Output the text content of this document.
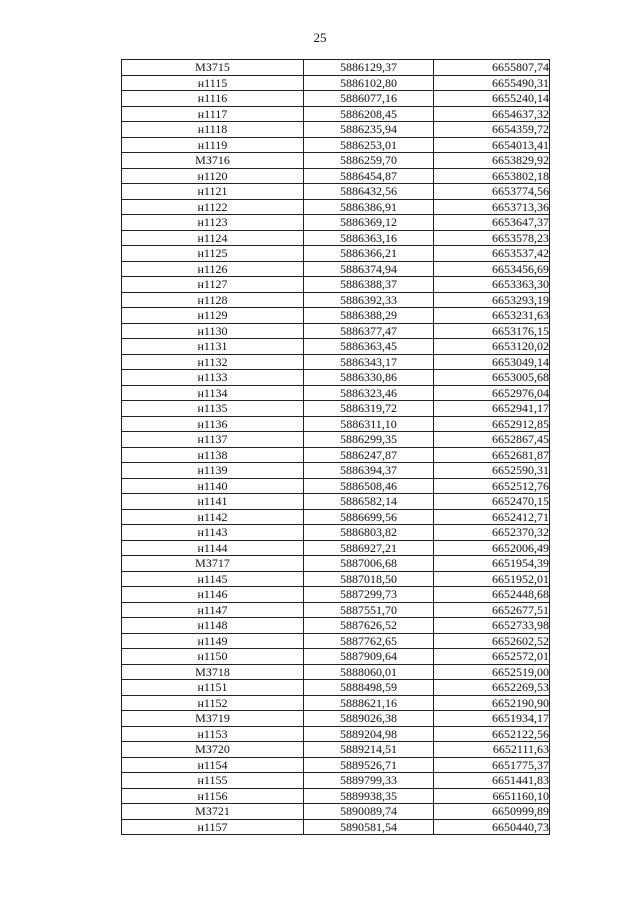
25
МЗ715	5886129,37	6655807,74
н1115	5886102,80	6655490,31
н1116	5886077,16	6655240,14
н1117	5886208,45	6654637,32
н1118	5886235,94	6654359,72
н1119	5886253,01	6654013,41
МЗ716	5886259,70	6653829,92
н1120	5886454,87	6653802,18
н1121	5886432,56	6653774,56
н1122	5886386,91	6653713,36
н1123	5886369,12	6653647,37
н1124	5886363,16	6653578,23
н1125	5886366,21	6653537,42
н1126	5886374,94	6653456,69
н1127	5886388,37	6653363,30
н1128	5886392,33	6653293,19
н1129	5886388,29	6653231,63
н1130	5886377,47	6653176,15
н1131	5886363,45	6653120,02
н1132	5886343,17	6653049,14
н1133	5886330,86	6653005,68
н1134	5886323,46	6652976,04
н1135	5886319,72	6652941,17
н1136	5886311,10	6652912,85
н1137	5886299,35	6652867,45
н1138	5886247,87	6652681,87
н1139	5886394,37	6652590,31
н1140	5886508,46	6652512,76
н1141	5886582,14	6652470,15
н1142	5886699,56	6652412,71
н1143	5886803,82	6652370,32
н1144	5886927,21	6652006,49
МЗ717	5887006,68	6651954,39
н1145	5887018,50	6651952,01
н1146	5887299,73	6652448,68
н1147	5887551,70	6652677,51
н1148	5887626,52	6652733,98
н1149	5887762,65	6652602,52
н1150	5887909,64	6652572,01
МЗ718	5888060,01	6652519,00
н1151	5888498,59	6652269,53
н1152	5888621,16	6652190,90
МЗ719	5889026,38	6651934,17
н1153	5889204,98	6652122,56
МЗ720	5889214,51	6652111,63
н1154	5889526,71	6651775,37
н1155	5889799,33	6651441,83
н1156	5889938,35	6651160,10
МЗ721	5890089,74	6650999,89
н1157	5890581,54	6650440,73
